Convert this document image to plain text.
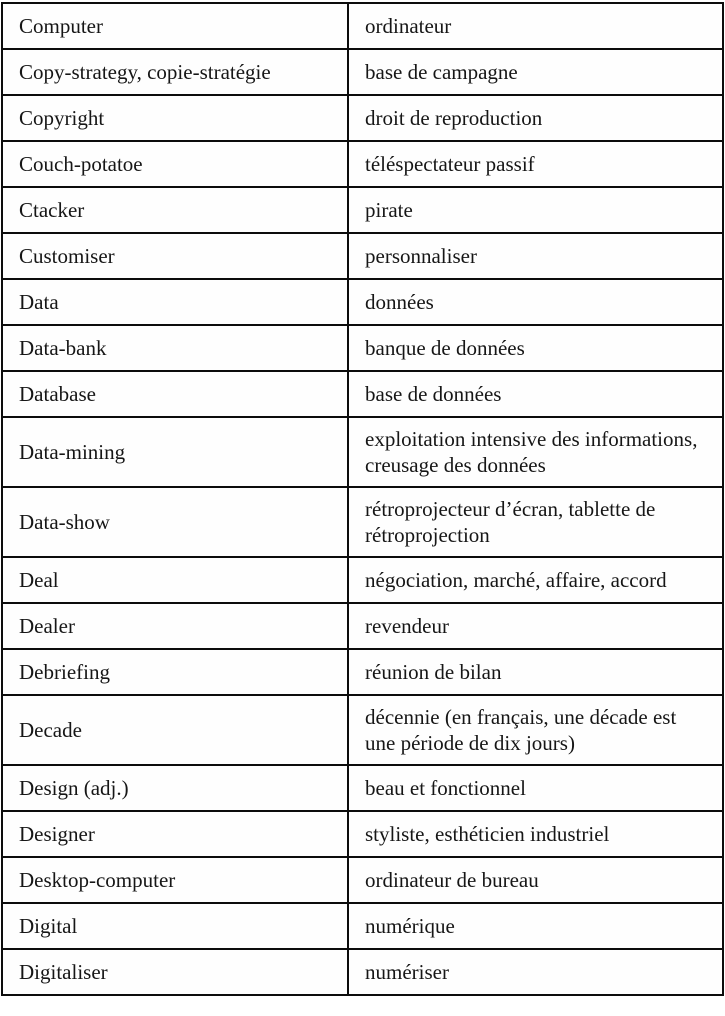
Computer	ordinateur
Copy-strategy, copie-stratégie	base de campagne
Copyright	droit de reproduction
Couch-potatoe	téléspectateur passif
Ctacker	pirate
Customiser	personnaliser
Data	données
Data-bank	banque de données
Database	base de données
Data-mining	exploitation intensive des informations, creusage des données
Data-show	rétroprojecteur d’écran, tablette de rétroprojection
Deal	négociation, marché, affaire, accord
Dealer	revendeur
Debriefing	réunion de bilan
Decade	décennie (en français, une décade est une période de dix jours)
Design (adj.)	beau et fonctionnel
Designer	styliste, esthéticien industriel
Desktop-computer	ordinateur de bureau
Digital	numérique
Digitaliser	numériser
